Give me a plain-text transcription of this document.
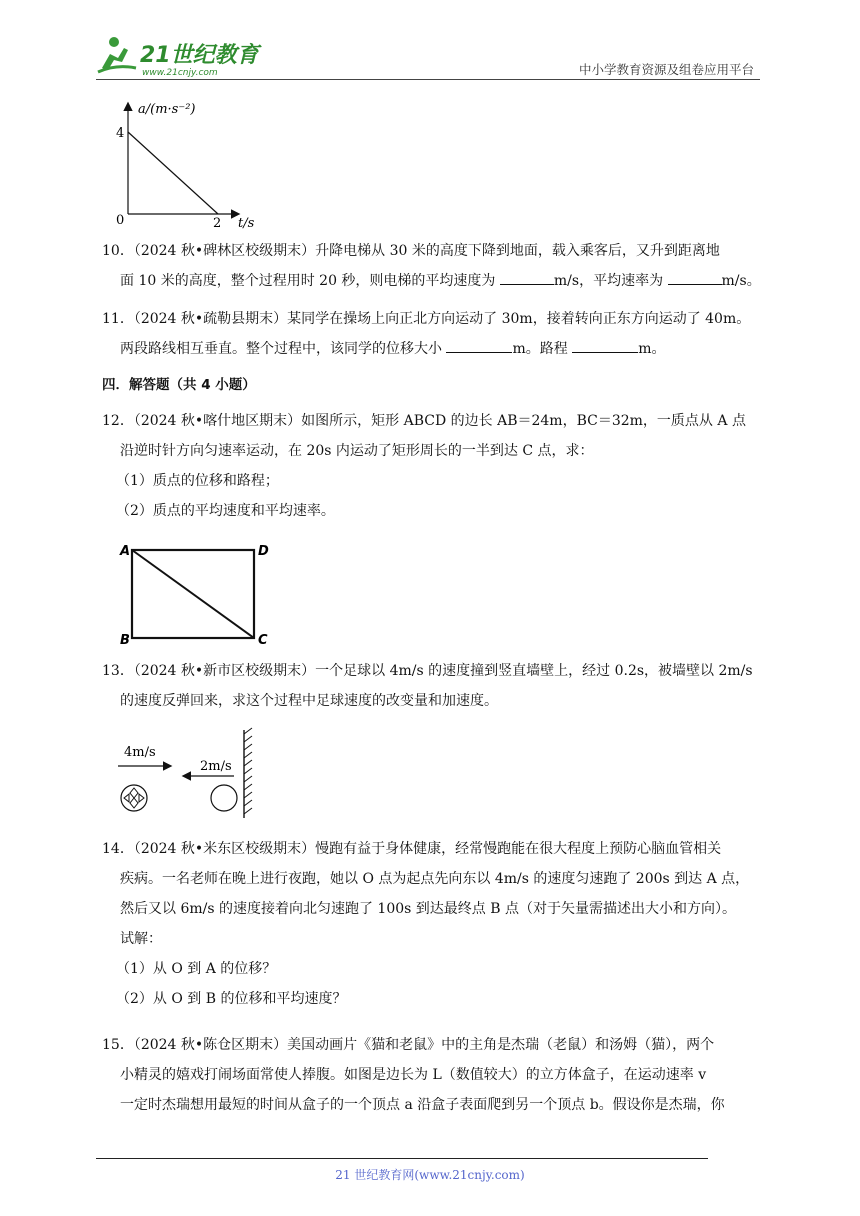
21世纪教育
www.21cnjy.com	中小学教育资源及组卷应用平台
a/(m·s⁻²)
4
0	2 t/s
10．（2024 秋•碑林区校级期末）升降电梯从 30 米的高度下降到地面，载入乘客后，又升到距离地
面 10 米的高度，整个过程用时 20 秒，则电梯的平均速度为	m/s，平均速率为	m/s。
11．（2024 秋•疏勒县期末）某同学在操场上向正北方向运动了 30m，接着转向正东方向运动了 40m。
两段路线相互垂直。整个过程中，该同学的位移大小	m。路程	m。
四．解答题（共 4 小题）
12．（2024 秋•喀什地区期末）如图所示，矩形 ABCD 的边长 AB＝24m，BC＝32m，一质点从 A 点
沿逆时针方向匀速率运动，在 20s 内运动了矩形周长的一半到达 C 点，求：
（1）质点的位移和路程；
（2）质点的平均速度和平均速率。
A	D
B	C
13．（2024 秋•新市区校级期末）一个足球以 4m/s 的速度撞到竖直墙壁上，经过 0.2s，被墙壁以 2m/s
的速度反弹回来，求这个过程中足球速度的改变量和加速度。
4m/s
2m/s
14．（2024 秋•米东区校级期末）慢跑有益于身体健康，经常慢跑能在很大程度上预防心脑血管相关
疾病。一名老师在晚上进行夜跑，她以 O 点为起点先向东以 4m/s 的速度匀速跑了 200s 到达 A 点，
然后又以 6m/s 的速度接着向北匀速跑了 100s 到达最终点 B 点（对于矢量需描述出大小和方向）。
试解：
（1）从 O 到 A 的位移？
（2）从 O 到 B 的位移和平均速度？
15．（2024 秋•陈仓区期末）美国动画片《猫和老鼠》中的主角是杰瑞（老鼠）和汤姆（猫），两个
小精灵的嬉戏打闹场面常使人捧腹。如图是边长为 L（数值较大）的立方体盒子，在运动速率 v
一定时杰瑞想用最短的时间从盒子的一个顶点 a 沿盒子表面爬到另一个顶点 b。假设你是杰瑞，你
21 世纪教育网(www.21cnjy.com)
